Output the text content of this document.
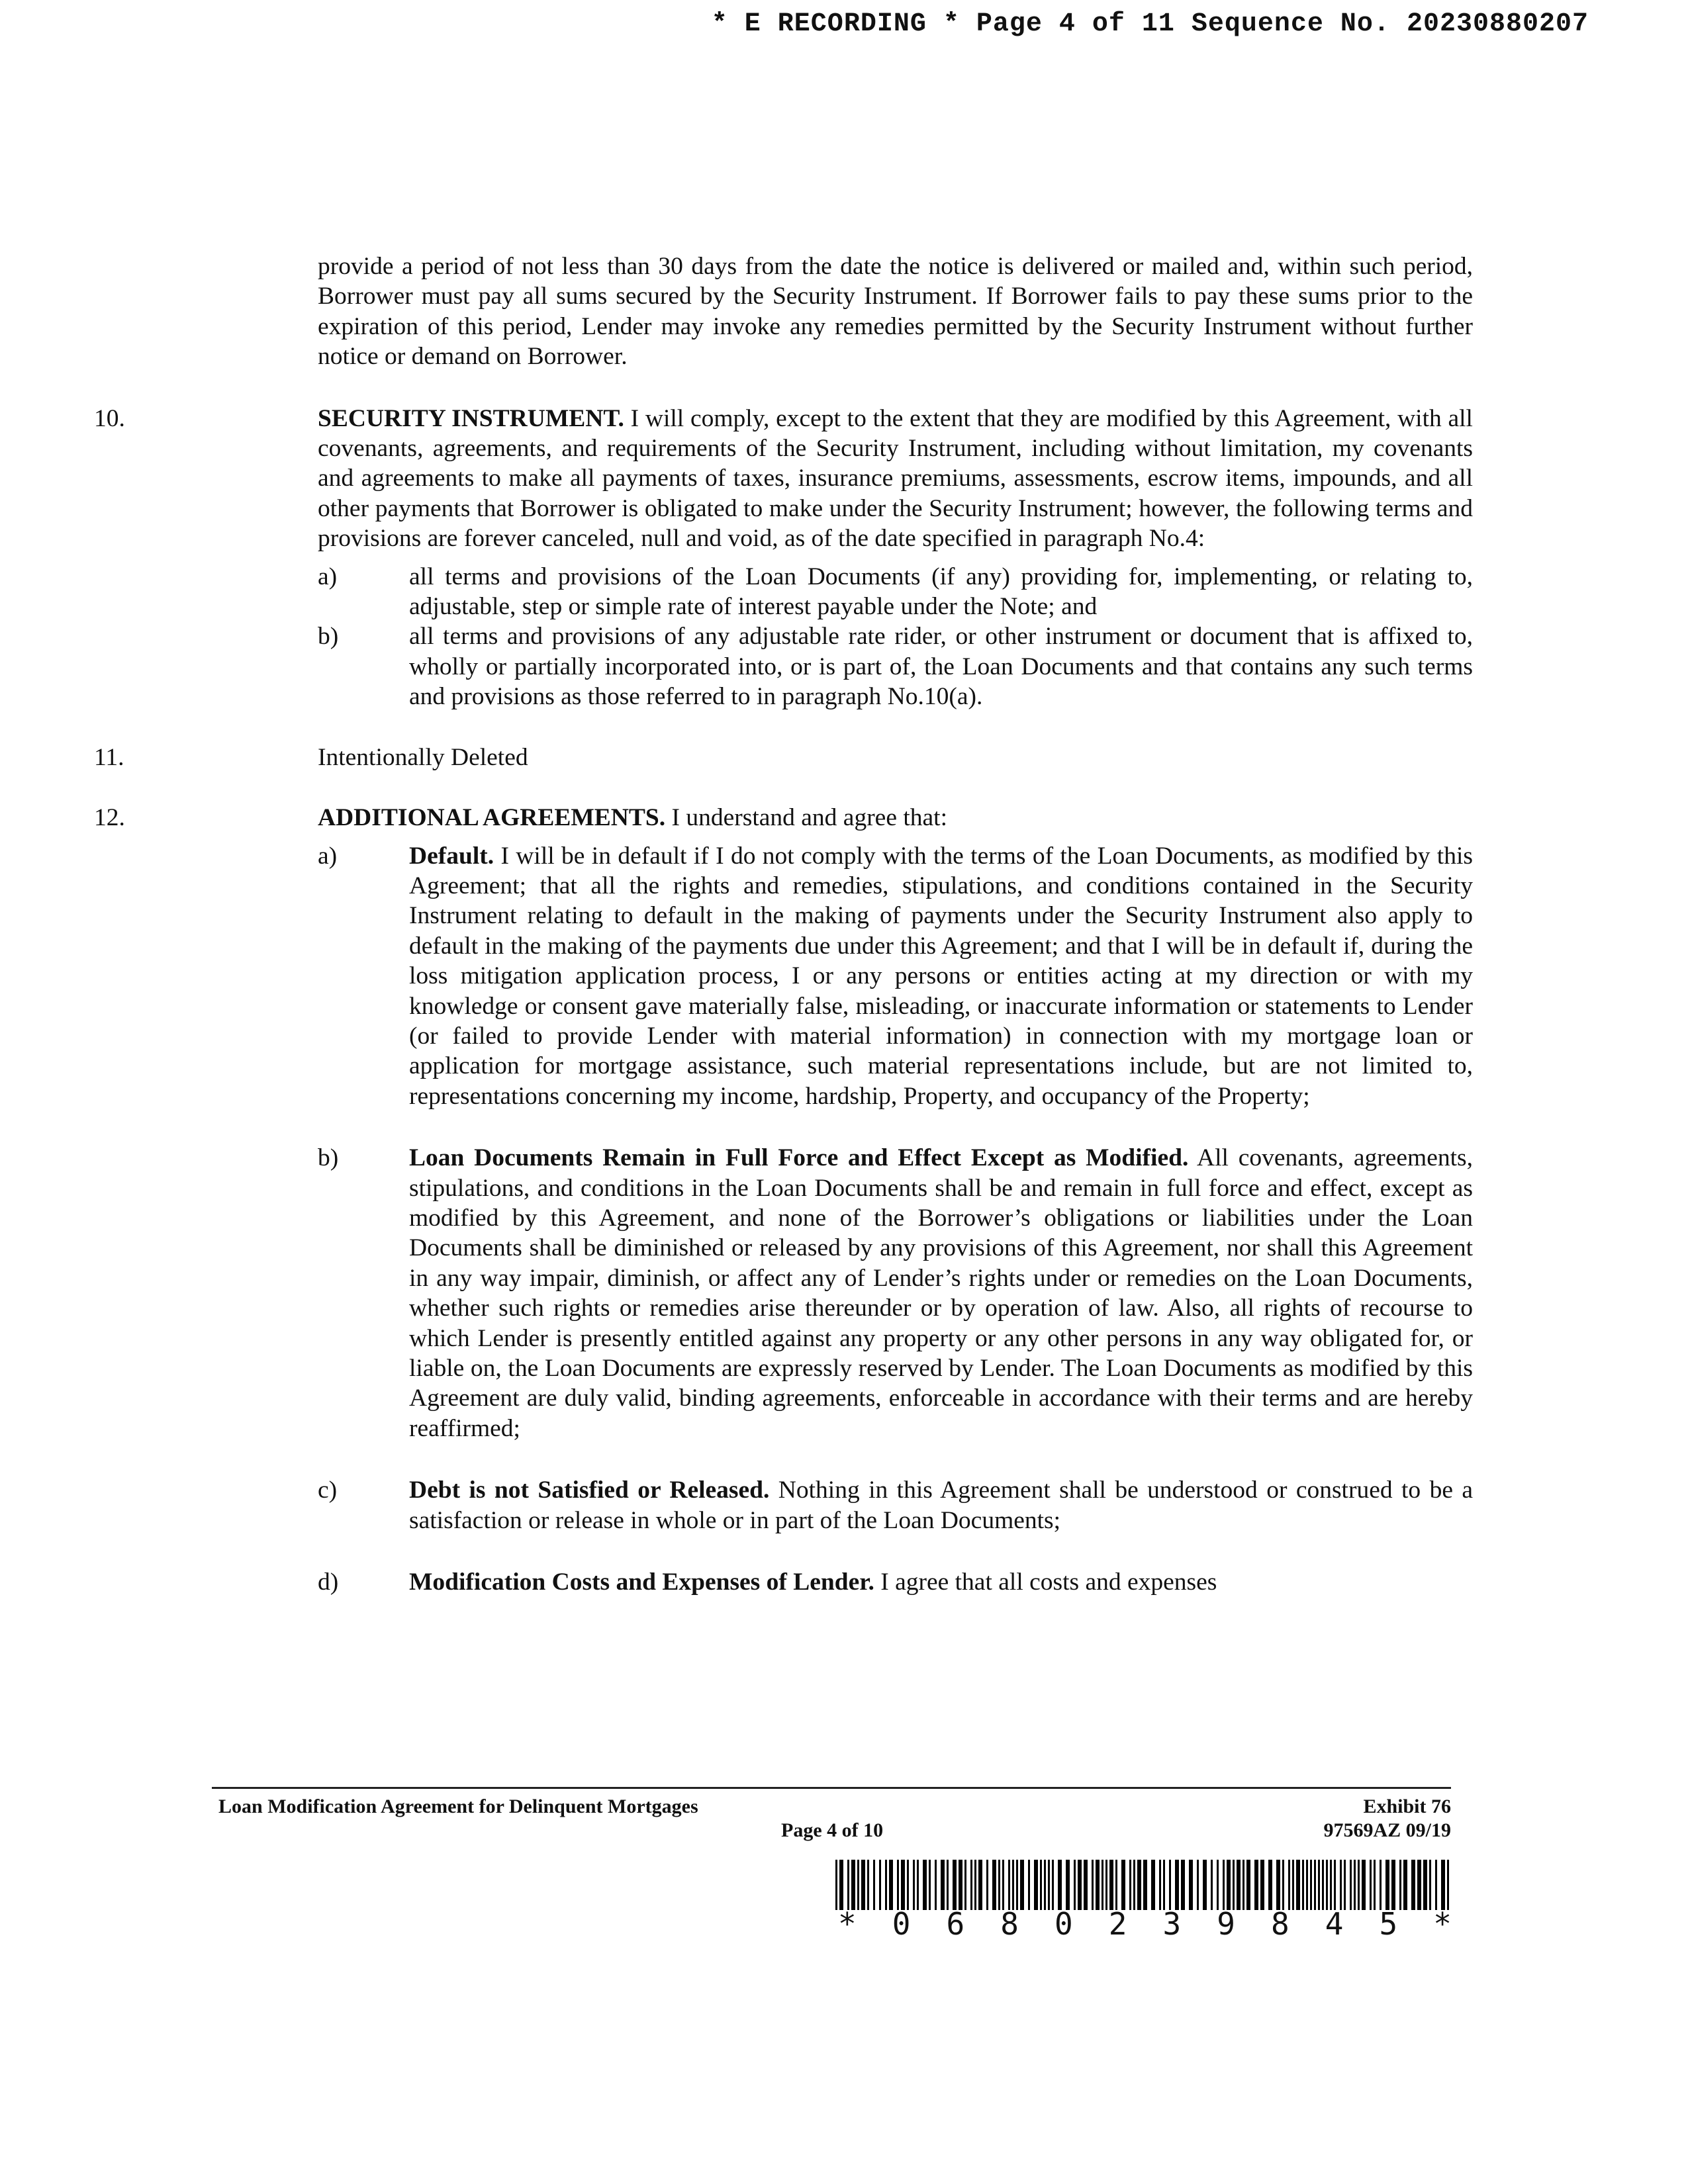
* E RECORDING * Page 4 of 11 Sequence No. 20230880207

provide a period of not less than 30 days from the date the notice is delivered or mailed and, within such period, Borrower must pay all sums secured by the Security Instrument. If Borrower fails to pay these sums prior to the expiration of this period, Lender may invoke any remedies permitted by the Security Instrument without further notice or demand on Borrower.

10.	SECURITY INSTRUMENT. I will comply, except to the extent that they are modified by this Agreement, with all covenants, agreements, and requirements of the Security Instrument, including without limitation, my covenants and agreements to make all payments of taxes, insurance premiums, assessments, escrow items, impounds, and all other payments that Borrower is obligated to make under the Security Instrument; however, the following terms and provisions are forever canceled, null and void, as of the date specified in paragraph No.4:

a)	all terms and provisions of the Loan Documents (if any) providing for, implementing, or relating to, adjustable, step or simple rate of interest payable under the Note; and

b)	all terms and provisions of any adjustable rate rider, or other instrument or document that is affixed to, wholly or partially incorporated into, or is part of, the Loan Documents and that contains any such terms and provisions as those referred to in paragraph No.10(a).

11.	Intentionally Deleted

12.	ADDITIONAL AGREEMENTS. I understand and agree that:

a)	Default. I will be in default if I do not comply with the terms of the Loan Documents, as modified by this Agreement; that all the rights and remedies, stipulations, and conditions contained in the Security Instrument relating to default in the making of payments under the Security Instrument also apply to default in the making of the payments due under this Agreement; and that I will be in default if, during the loss mitigation application process, I or any persons or entities acting at my direction or with my knowledge or consent gave materially false, misleading, or inaccurate information or statements to Lender (or failed to provide Lender with material information) in connection with my mortgage loan or application for mortgage assistance, such material representations include, but are not limited to, representations concerning my income, hardship, Property, and occupancy of the Property;

b)	Loan Documents Remain in Full Force and Effect Except as Modified. All covenants, agreements, stipulations, and conditions in the Loan Documents shall be and remain in full force and effect, except as modified by this Agreement, and none of the Borrower’s obligations or liabilities under the Loan Documents shall be diminished or released by any provisions of this Agreement, nor shall this Agreement in any way impair, diminish, or affect any of Lender’s rights under or remedies on the Loan Documents, whether such rights or remedies arise thereunder or by operation of law. Also, all rights of recourse to which Lender is presently entitled against any property or any other persons in any way obligated for, or liable on, the Loan Documents are expressly reserved by Lender. The Loan Documents as modified by this Agreement are duly valid, binding agreements, enforceable in accordance with their terms and are hereby reaffirmed;

c)	Debt is not Satisfied or Released. Nothing in this Agreement shall be understood or construed to be a satisfaction or release in whole or in part of the Loan Documents;

d)	Modification Costs and Expenses of Lender. I agree that all costs and expenses

Loan Modification Agreement for Delinquent Mortgages
Page 4 of 10
Exhibit 76
97569AZ 09/19
* 0 6 8 0 2 3 9 8 4 5 *
